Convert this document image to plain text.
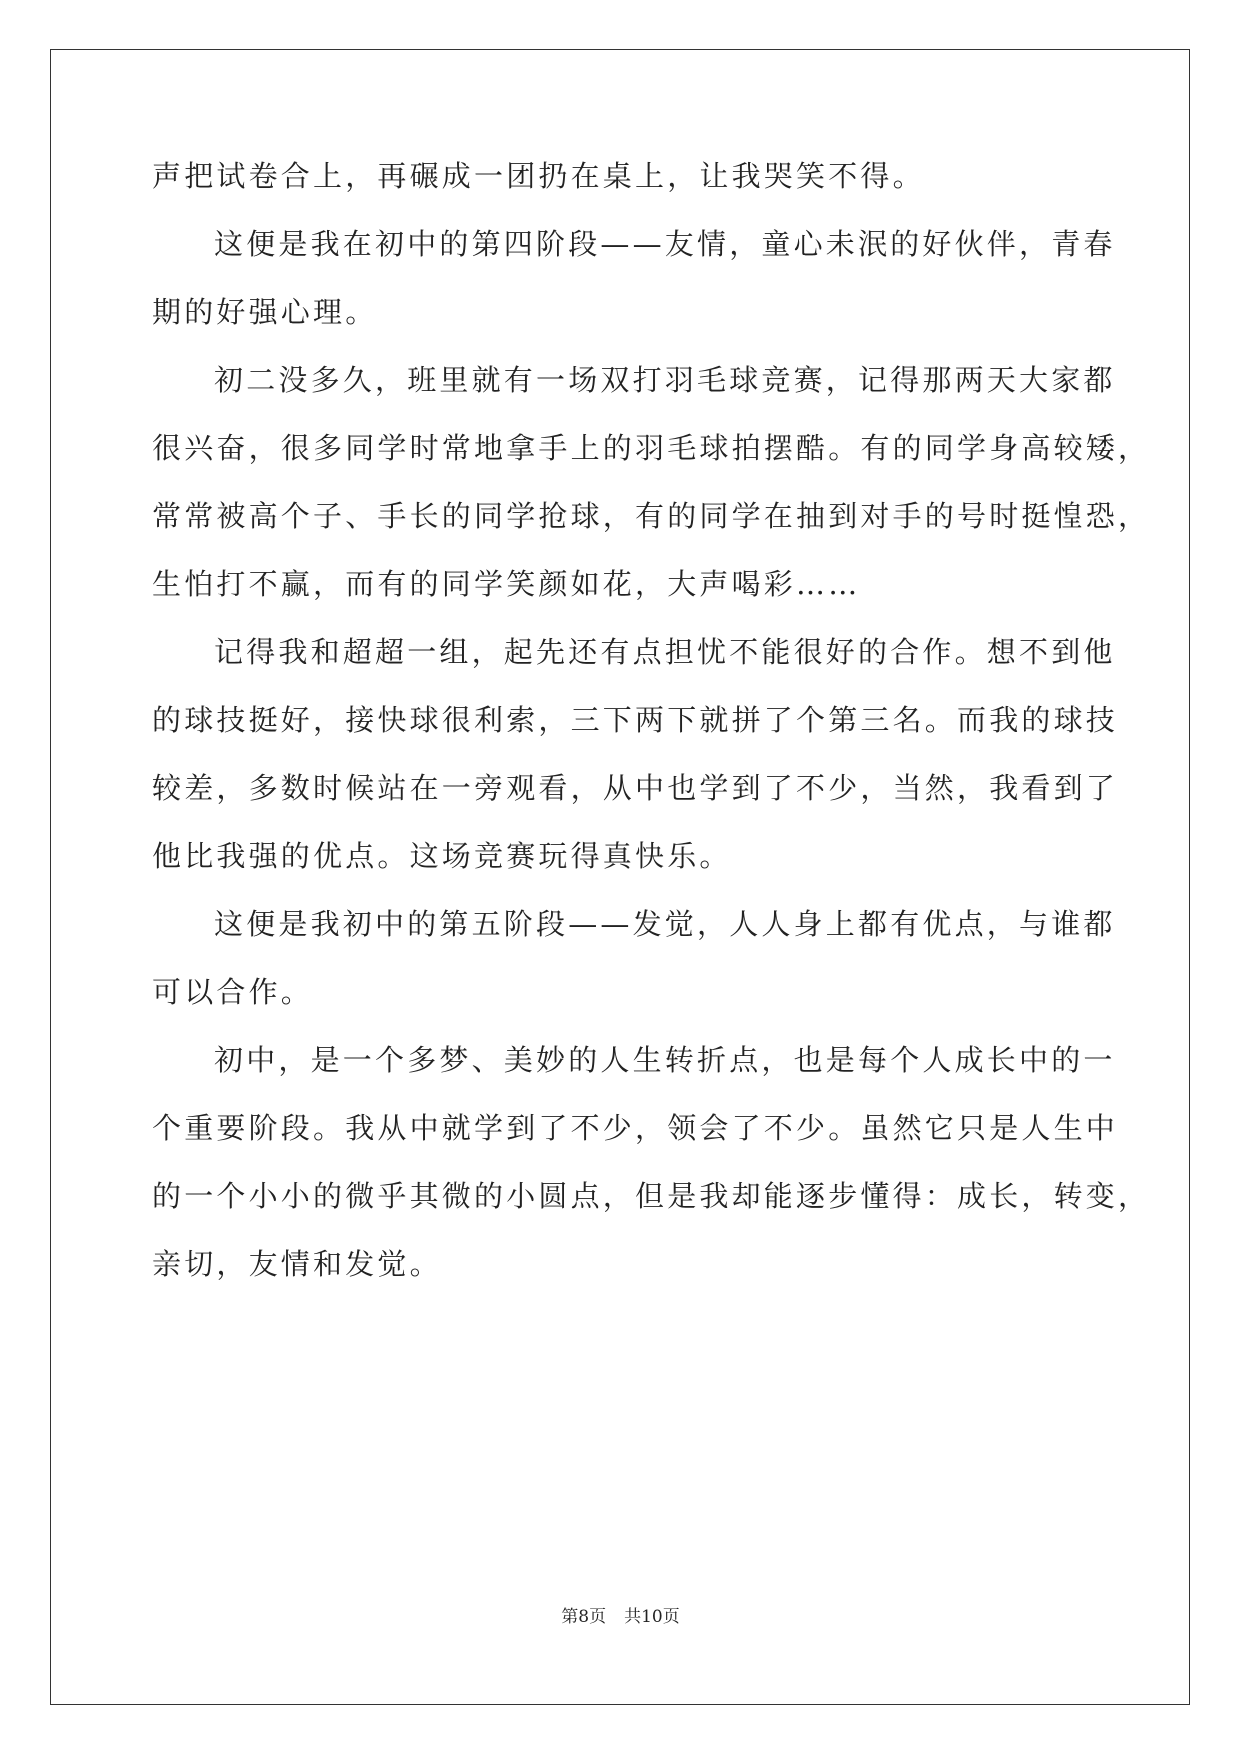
声把试卷合上，再碾成一团扔在桌上，让我哭笑不得。
这便是我在初中的第四阶段——友情，童心未泯的好伙伴，青春
期的好强心理。
初二没多久，班里就有一场双打羽毛球竞赛，记得那两天大家都
很兴奋，很多同学时常地拿手上的羽毛球拍摆酷。有的同学身高较矮，
常常被高个子、手长的同学抢球，有的同学在抽到对手的号时挺惶恐，
生怕打不赢，而有的同学笑颜如花，大声喝彩……
记得我和超超一组，起先还有点担忧不能很好的合作。想不到他
的球技挺好，接快球很利索，三下两下就拼了个第三名。而我的球技
较差，多数时候站在一旁观看，从中也学到了不少，当然，我看到了
他比我强的优点。这场竞赛玩得真快乐。
这便是我初中的第五阶段——发觉，人人身上都有优点，与谁都
可以合作。
初中，是一个多梦、美妙的人生转折点，也是每个人成长中的一
个重要阶段。我从中就学到了不少，领会了不少。虽然它只是人生中
的一个小小的微乎其微的小圆点，但是我却能逐步懂得：成长，转变，
亲切，友情和发觉。
第8页 共10页
